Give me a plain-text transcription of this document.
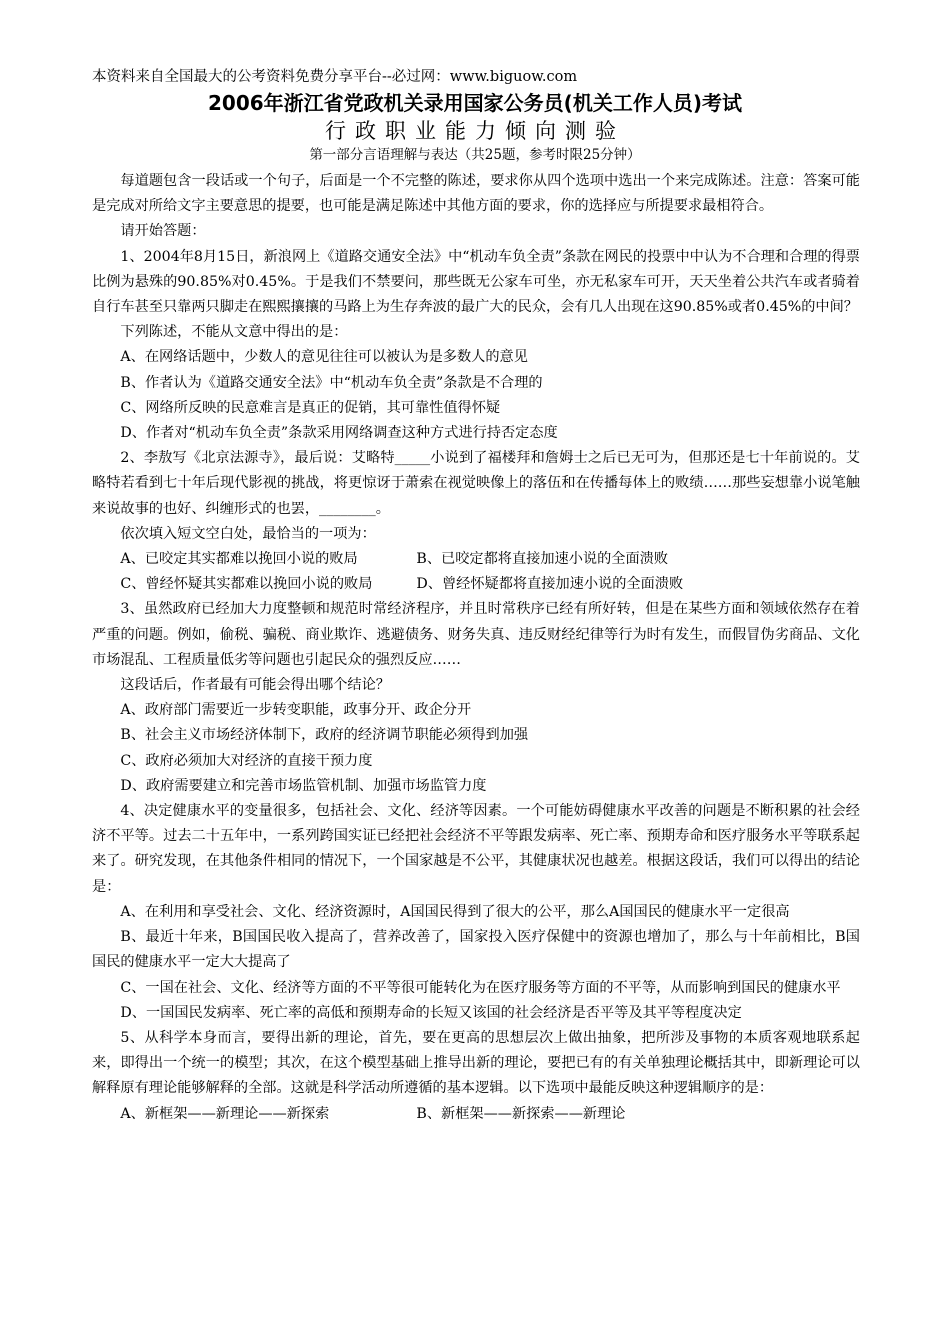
本资料来自全国最大的公考资料免费分享平台--必过网：www.biguow.com
2006年浙江省党政机关录用国家公务员(机关工作人员)考试
行政职业能力倾向测验
第一部分言语理解与表达（共25题，参考时限25分钟）

每道题包含一段话或一个句子，后面是一个不完整的陈述，要求你从四个选项中选出一个来完成陈述。注意：答案可能是完成对所给文字主要意思的提要，也可能是满足陈述中其他方面的要求，你的选择应与所提要求最相符合。

请开始答题：

1、2004年8月15日，新浪网上《道路交通安全法》中“机动车负全责”条款在网民的投票中中认为不合理和合理的得票比例为悬殊的90.85%对0.45%。于是我们不禁要问，那些既无公家车可坐，亦无私家车可开，天天坐着公共汽车或者骑着自行车甚至只靠两只脚走在熙熙攘攘的马路上为生存奔波的最广大的民众，会有几人出现在这90.85%或者0.45%的中间？

下列陈述，不能从文意中得出的是：

A、在网络话题中，少数人的意见往往可以被认为是多数人的意见

B、作者认为《道路交通安全法》中“机动车负全责”条款是不合理的

C、网络所反映的民意难言是真正的促销，其可靠性值得怀疑

D、作者对“机动车负全责”条款采用网络调查这种方式进行持否定态度

2、李敖写《北京法源寺》，最后说：艾略特_____小说到了福楼拜和詹姆士之后已无可为，但那还是七十年前说的。艾略特若看到七十年后现代影视的挑战，将更惊讶于萧索在视觉映像上的落伍和在传播每体上的败绩……那些妄想靠小说笔触来说故事的也好、纠缠形式的也罢，________。

依次填入短文空白处，最恰当的一项为：

A、已咬定其实都难以挽回小说的败局	B、已咬定都将直接加速小说的全面溃败
C、曾经怀疑其实都难以挽回小说的败局	D、曾经怀疑都将直接加速小说的全面溃败

3、虽然政府已经加大力度整顿和规范时常经济程序，并且时常秩序已经有所好转，但是在某些方面和领域依然存在着严重的问题。例如，偷税、骗税、商业欺诈、逃避债务、财务失真、违反财经纪律等行为时有发生，而假冒伪劣商品、文化市场混乱、工程质量低劣等问题也引起民众的强烈反应……

这段话后，作者最有可能会得出哪个结论？

A、政府部门需要近一步转变职能，政事分开、政企分开

B、社会主义市场经济体制下，政府的经济调节职能必须得到加强

C、政府必须加大对经济的直接干预力度

D、政府需要建立和完善市场监管机制、加强市场监管力度

4、决定健康水平的变量很多，包括社会、文化、经济等因素。一个可能妨碍健康水平改善的问题是不断积累的社会经济不平等。过去二十五年中，一系列跨国实证已经把社会经济不平等跟发病率、死亡率、预期寿命和医疗服务水平等联系起来了。研究发现，在其他条件相同的情况下，一个国家越是不公平，其健康状况也越差。根据这段话，我们可以得出的结论是：

A、在利用和享受社会、文化、经济资源时，A国国民得到了很大的公平，那么A国国民的健康水平一定很高

B、最近十年来，B国国民收入提高了，营养改善了，国家投入医疗保健中的资源也增加了，那么与十年前相比，B国国民的健康水平一定大大提高了

C、一国在社会、文化、经济等方面的不平等很可能转化为在医疗服务等方面的不平等，从而影响到国民的健康水平

D、一国国民发病率、死亡率的高低和预期寿命的长短又该国的社会经济是否平等及其平等程度决定

5、从科学本身而言，要得出新的理论，首先，要在更高的思想层次上做出抽象，把所涉及事物的本质客观地联系起来，即得出一个统一的模型；其次，在这个模型基础上推导出新的理论，要把已有的有关单独理论概括其中，即新理论可以解释原有理论能够解释的全部。这就是科学活动所遵循的基本逻辑。以下选项中最能反映这种逻辑顺序的是：

A、新框架——新理论——新探索	B、新框架——新探索——新理论
